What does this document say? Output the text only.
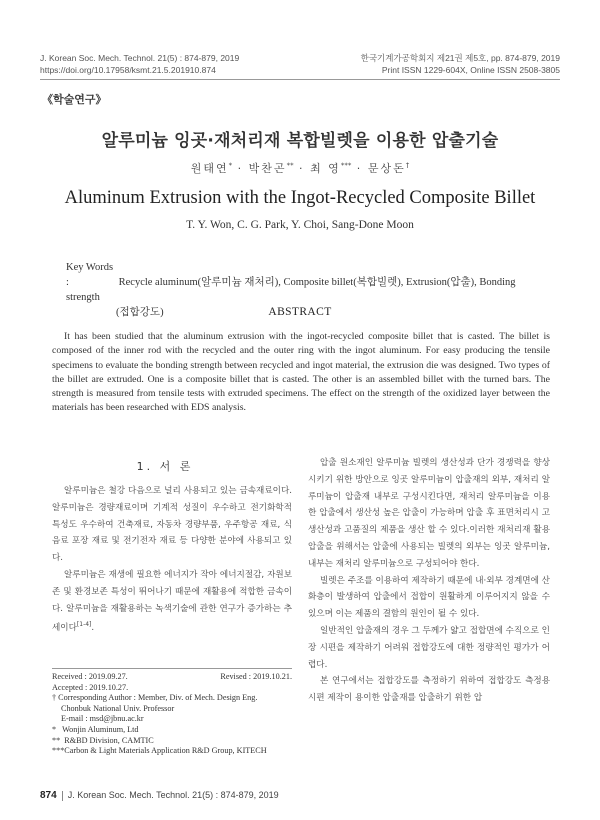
J. Korean Soc. Mech. Technol. 21(5) : 874-879, 2019
https://doi.org/10.17958/ksmt.21.5.201910.874
한국기계가공학회지 제21권 제5호, pp. 874-879, 2019
Print ISSN 1229-604X, Online ISSN 2508-3805
《학술연구》
알루미늄 잉곳·재처리재 복합빌렛을 이용한 압출기술
원태연* · 박찬곤** · 최 영*** · 문상돈†
Aluminum Extrusion with the Ingot-Recycled Composite Billet
T. Y. Won, C. G. Park, Y. Choi, Sang-Done Moon
Key Words :	Recycle aluminum(알루미늄 재처리), Composite billet(복합빌렛), Extrusion(압출), Bonding strength
(접합강도)	ABSTRACT
It has been studied that the aluminum extrusion with the ingot-recycled composite billet that is casted. The billet is composed of the inner rod with the recycled and the outer ring with the ingot aluminum. For easy producing the tensile specimens to evaluate the bonding strength between recycled and ingot material, the extrusion die was designed. Two types of the billet are extruded. One is a composite billet that is casted. The other is an assembled billet with the turned bars. The strength is measured from tensile tests with extruded specimens. The effect on the strength of the oxidized layer between the materials has been researched with EDS analysis.
1. 서 론

알루미늄은 철강 다음으로 널리 사용되고 있는 금속재료이다. 알루미늄은 경량재료이며 기계적 성질이 우수하고 전기화학적 특성도 우수하여 건축재료, 자동차 경량부품, 우주항공 재료, 식음료 포장 재료 및 전기전자 재료 등 다양한 분야에 사용되고 있다.

알루미늄은 재생에 필요한 에너지가 작아 에너지절감, 자원보존 및 환경보존 특성이 뛰어나기 때문에 재활용에 적합한 금속이다. 알루미늄을 재활용하는 녹색기술에 관한 연구가 증가하는 추세이다[1-4].

Received : 2019.09.27.	Revised : 2019.10.21.
Accepted : 2019.10.27.
† Corresponding Author : Member, Div. of Mech. Design Eng.
Chonbuk National Univ. Professor
E-mail : msd@jbnu.ac.kr
*   Wonjin Aluminum, Ltd
**  R&BD Division, CAMTIC
***Carbon & Light Materials Application R&D Group, KITECH

압출 원소재인 알루미늄 빌렛의 생산성과 단가 경쟁력을 향상시키기 위한 방안으로 잉곳 알루미늄이 압출재의 외부, 재처리 알루미늄이 압출재 내부로 구성시킨다면, 재처리 알루미늄을 이용한 압출에서 생산성 높은 압출이 가능하며 압출 후 표면처리시 고생산성과 고품질의 제품을 생산 할 수 있다.이러한 재처리재 활용 압출을 위해서는 압출에 사용되는 빌렛의 외부는 잉곳 알루미늄, 내부는 재처리 알루미늄으로 구성되어야 한다.

빌렛은 주조를 이용하여 제작하기 때문에 내·외부 경계면에 산화층이 발생하여 압출에서 접합이 원활하게 이루어지지 않을 수 있으며 이는 제품의 결함의 원인이 될 수 있다.

일반적인 압출재의 경우 그 두께가 얇고 접합면에 수직으로 인장 시편을 제작하기 어려워 접합강도에 대한 정량적인 평가가 어렵다.

본 연구에서는 접합강도를 측정하기 위하여 접합강도 측정용 시편 제작이 용이한 압출재를 압출하기 위한 압

874 J. Korean Soc. Mech. Technol. 21(5) : 874-879, 2019
